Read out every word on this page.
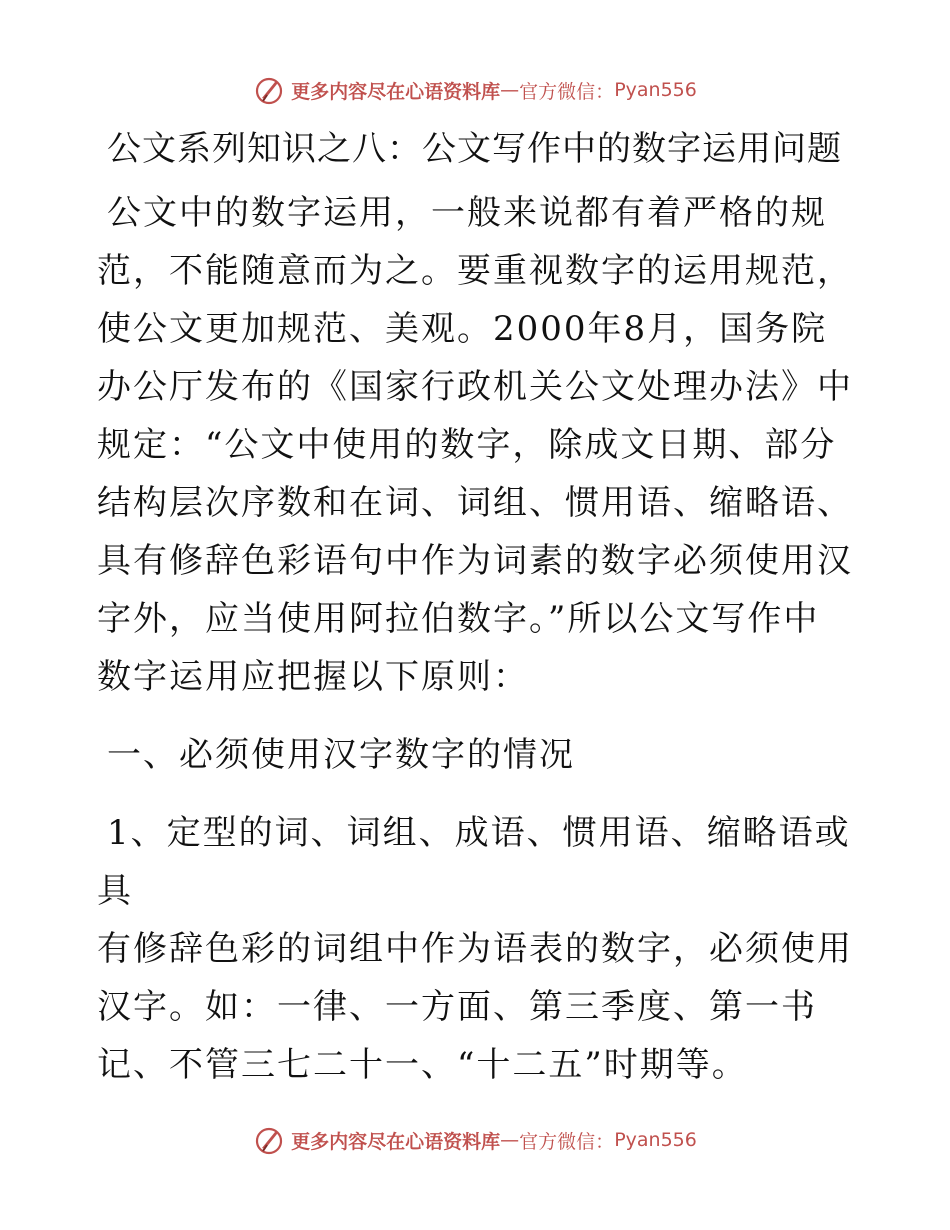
更多内容尽在心语资料库 — 官方微信： Pyan556
公文系列知识之八：公文写作中的数字运用问题

公文中的数字运用，一般来说都有着严格的规
范，不能随意而为之。要重视数字的运用规范，使公文更加规范、美观。2000年8月，国务院办公厅发布的《国家行政机关公文处理办法》中规定：“公文中使用的数字，除成文日期、部分结构层次序数和在词、词组、惯用语、缩略语、具有修辞色彩语句中作为词素的数字必须使用汉字外，应当使用阿拉伯数字。”所以公文写作中数字运用应把握以下原则：

一、必须使用汉字数字的情况

1、定型的词、词组、成语、惯用语、缩略语或具
有修辞色彩的词组中作为语表的数字，必须使用汉字。如：一律、一方面、第三季度、第一书记、不管三七二十一、“十二五”时期等。

更多内容尽在心语资料库 — 官方微信： Pyan556
